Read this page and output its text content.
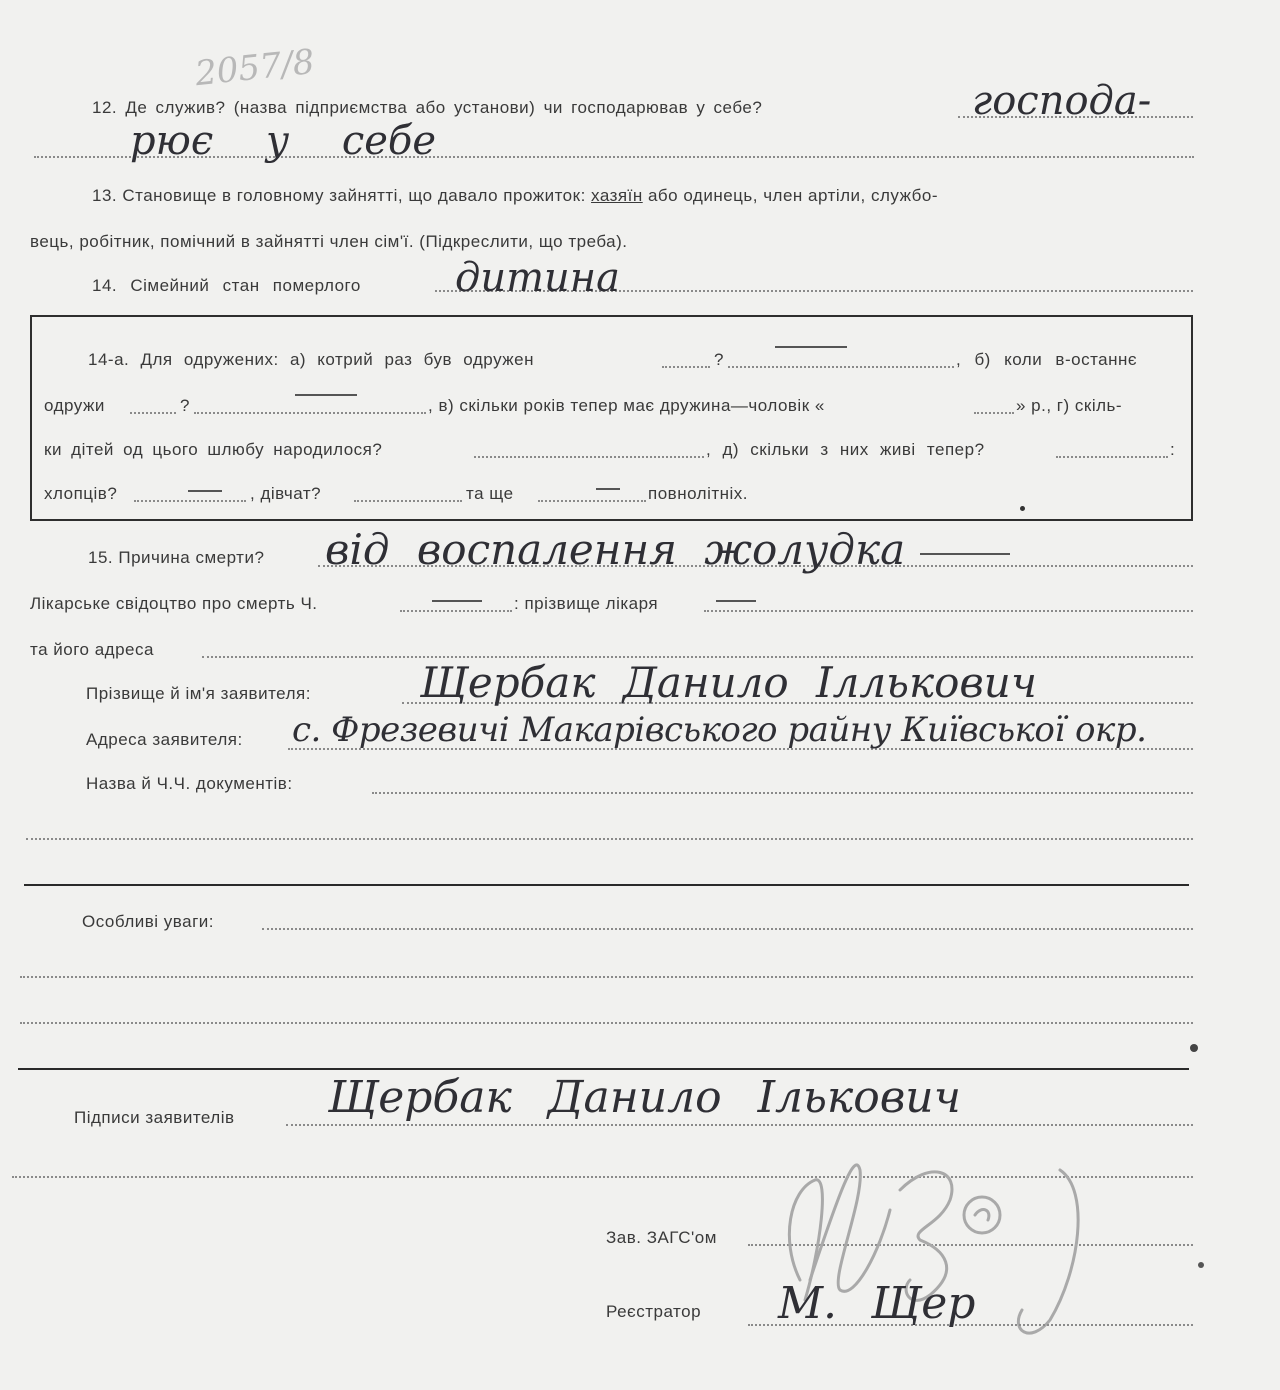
2057/8
12. Де служив? (назва підприємства або установи) чи господарював у себе?	господа-
рює у себе
13. Становище в головному зайнятті, що давало прожиток: хазяїн або одинець, член артіли, службо-
вець, робітник, помічний в зайнятті член сім'ї. (Підкреслити, що треба).
14. Сімейний стан померлого дитина
14-а. Для одружених: а) котрий раз був одружен	?	, б) коли в-останнє
одружи	?	, в) скільки років тепер має дружина—чоловік «	» р., г) скіль-
ки дітей од цього шлюбу народилося?	, д) скільки з них живі тепер?	:
хлопців?	, дівчат?	та ще	повнолітніх.
15. Причина смерти? від воспалення жолудка
Лікарське свідоцтво про смерть Ч.	: прізвище лікаря
та його адреса
Прізвище й ім'я заявителя:	Щербак Данило Іллькович
Адреса заявителя: с. Фрезевичі Макарівського райну Київської окр.
Назва й Ч.Ч. документів:
Особливі уваги:
Підписи заявителів Щербак Данило Ількович
Зав. ЗАГС'ом
Реєстратор М. Щер
